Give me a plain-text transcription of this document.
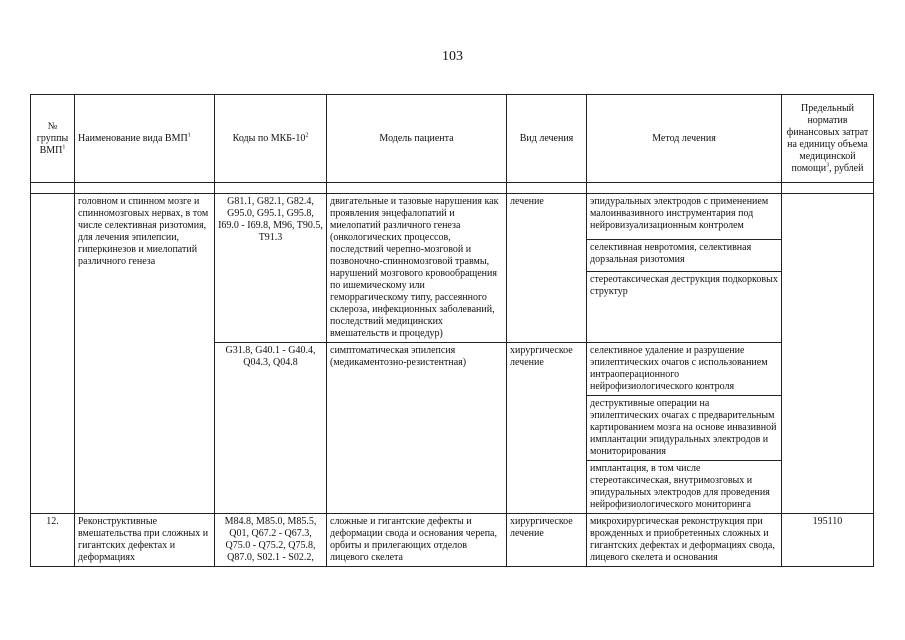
103
№ группы ВМП$^1$	Наименование вида ВМП$^1$	Коды по МКБ-$10^2$	Модель пациента	Вид лечения	Метод лечения	Предельный норматив финансовых затрат на единицу объема медицинской помощи$^3$, рублей

	головном и спинном мозге и спинномозговых нервах, в том числе селективная ризотомия, для лечения эпилепсии, гиперкинезов и миелопатий различного генеза	G81.1, G82.1, G82.4, G95.0, G95.1, G95.8, I69.0 - I69.8, M96, T90.5, T91.3	двигательные и тазовые нарушения как проявления энцефалопатий и миелопатий различного генеза (онкологических процессов, последствий черепно-мозговой и позвоночно-спинномозговой травмы, нарушений мозгового кровообращения по ишемическому или геморрагическому типу, рассеянного склероза, инфекционных заболеваний, последствий медицинских вмешательств и процедур)	лечение	эпидуральных электродов с применением малоинвазивного инструментария под нейровизуализационным контролем	
					селективная невротомия, селективная дорзальная ризотомия	
					стереотаксическая деструкция подкорковых структур	
		G31.8, G40.1 - G40.4, Q04.3, Q04.8	симптоматическая эпилепсия (медикаментозно-резистентная)	хирургическое лечение	селективное удаление и разрушение эпилептических очагов с использованием интраоперационного нейрофизиологического контроля	
					деструктивные операции на эпилептических очагах с предварительным картированием мозга на основе инвазивной имплантации эпидуральных электродов и мониторирования	
					имплантация, в том числе стереотаксическая, внутримозговых и эпидуральных электродов для проведения нейрофизиологического мониторинга	
12.	Реконструктивные вмешательства при сложных и гигантских дефектах и деформациях	M84.8, M85.0, M85.5, Q01, Q67.2 - Q67.3, Q75.0 - Q75.2, Q75.8, Q87.0, S02.1 - S02.2,	сложные и гигантские дефекты и деформации свода и основания черепа, орбиты и прилегающих отделов лицевого скелета	хирургическое лечение	микрохирургическая реконструкция при врожденных и приобретенных сложных и гигантских дефектах и деформациях свода, лицевого скелета и основания	195110
